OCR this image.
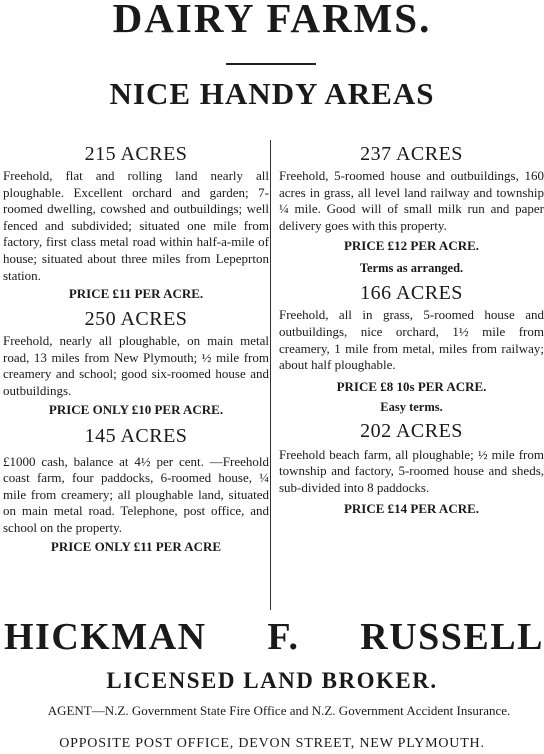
DAIRY FARMS.
NICE HANDY AREAS

215 ACRES

Freehold, flat and rolling land nearly all ploughable. Excellent orchard and garden; 7-roomed dwelling, cowshed and outbuildings; well fenced and subdivided; situated one mile from factory, first class metal road within half-a-mile of house; situated about three miles from Lepeprton station.

PRICE £11 PER ACRE.

250 ACRES

Freehold, nearly all ploughable, on main metal road, 13 miles from New Plymouth; ½ mile from creamery and school; good six-roomed house and outbuildings.

PRICE ONLY £10 PER ACRE.

145 ACRES

£1000 cash, balance at 4½ per cent. —Freehold coast farm, four paddocks, 6-roomed house, ¼ mile from creamery; all ploughable land, situated on main metal road. Telephone, post office, and school on the property.

PRICE ONLY £11 PER ACRE

237 ACRES

Freehold, 5-roomed house and outbuildings, 160 acres in grass, all level land railway and township ¼ mile. Good will of small milk run and paper delivery goes with this property.

PRICE £12 PER ACRE.

Terms as arranged.

166 ACRES

Freehold, all in grass, 5-roomed house and outbuildings, nice orchard, 1½ mile from creamery, 1 mile from metal, miles from railway; about half ploughable.

PRICE £8 10s PER ACRE.

Easy terms.

202 ACRES

Freehold beach farm, all ploughable; ½ mile from township and factory, 5-roomed house and sheds, sub-divided into 8 paddocks.

PRICE £14 PER ACRE.

HICKMAN F. RUSSELL
LICENSED LAND BROKER.
AGENT—N.Z. Government State Fire Office and N.Z. Government Accident Insurance.
OPPOSITE POST OFFICE, DEVON STREET, NEW PLYMOUTH.
